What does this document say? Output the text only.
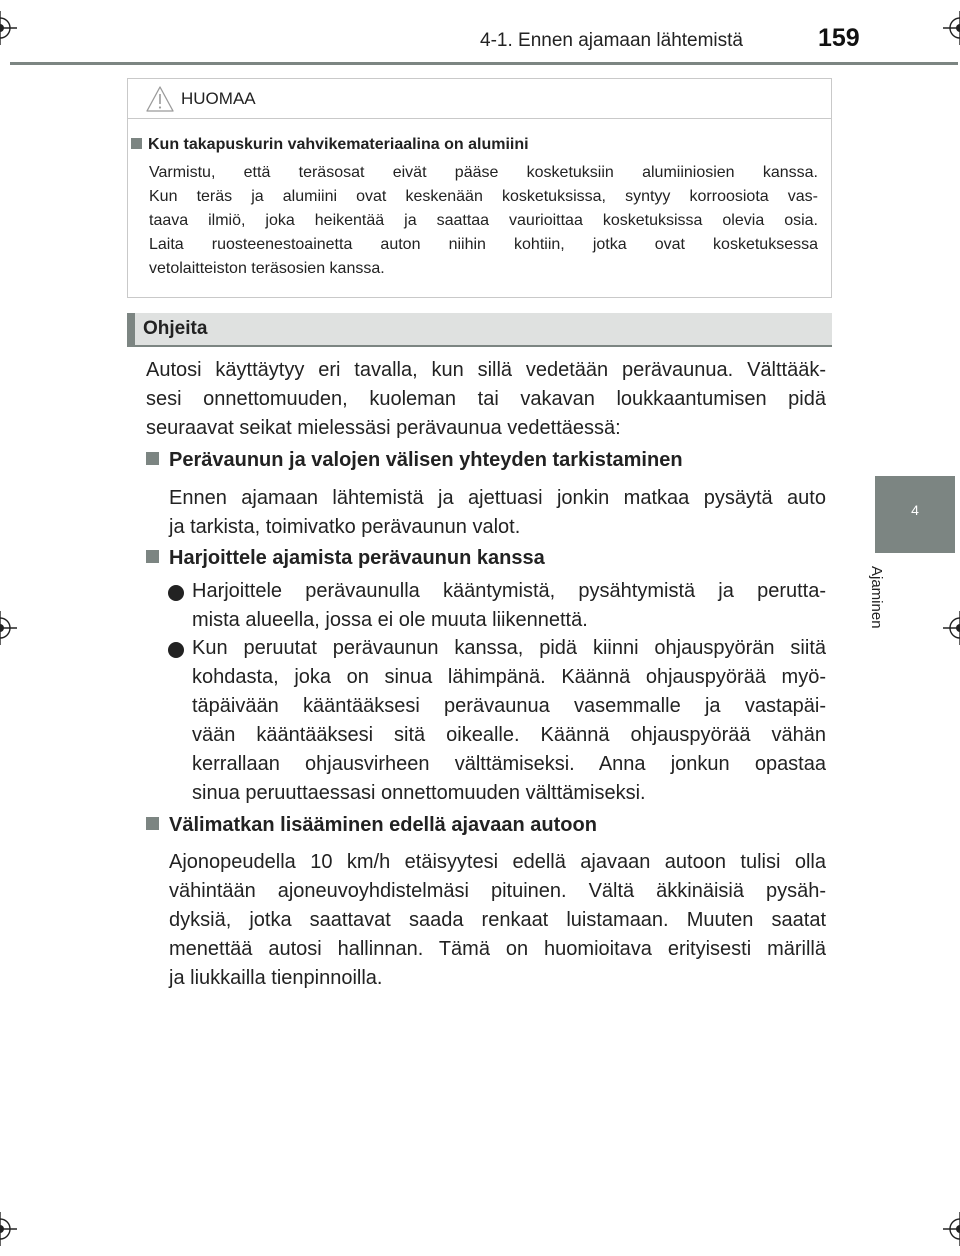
4-1. Ennen ajamaan lähtemistä	159
4
Ajaminen
HUOMAA
Kun takapuskurin vahvikemateriaalina on alumiini

Varmistu, että teräsosat eivät pääse kosketuksiin alumiiniosien kanssa.
Kun teräs ja alumiini ovat keskenään kosketuksissa, syntyy korroosiota vas-
taava ilmiö, joka heikentää ja saattaa vaurioittaa kosketuksissa olevia osia.
Laita ruosteenestoainetta auton niihin kohtiin, jotka ovat kosketuksessa
vetolaitteiston teräsosien kanssa.

Ohjeita

Autosi käyttäytyy eri tavalla, kun sillä vedetään perävaunua. Välttääk-
sesi onnettomuuden, kuoleman tai vakavan loukkaantumisen pidä
seuraavat seikat mielessäsi perävaunua vedettäessä:

Perävaunun ja valojen välisen yhteyden tarkistaminen

Ennen ajamaan lähtemistä ja ajettuasi jonkin matkaa pysäytä auto
ja tarkista, toimivatko perävaunun valot.

Harjoittele ajamista perävaunun kanssa

Harjoittele perävaunulla kääntymistä, pysähtymistä ja perutta-
mista alueella, jossa ei ole muuta liikennettä.

Kun peruutat perävaunun kanssa, pidä kiinni ohjauspyörän siitä
kohdasta, joka on sinua lähimpänä. Käännä ohjauspyörää myö-
täpäivään kääntääksesi perävaunua vasemmalle ja vastapäi-
vään kääntääksesi sitä oikealle. Käännä ohjauspyörää vähän
kerrallaan ohjausvirheen välttämiseksi. Anna jonkun opastaa
sinua peruuttaessasi onnettomuuden välttämiseksi.

Välimatkan lisääminen edellä ajavaan autoon

Ajonopeudella 10 km/h etäisyytesi edellä ajavaan autoon tulisi olla
vähintään ajoneuvoyhdistelmäsi pituinen. Vältä äkkinäisiä pysäh-
dyksiä, jotka saattavat saada renkaat luistamaan. Muuten saatat
menettää autosi hallinnan. Tämä on huomioitava erityisesti märillä
ja liukkailla tienpinnoilla.
